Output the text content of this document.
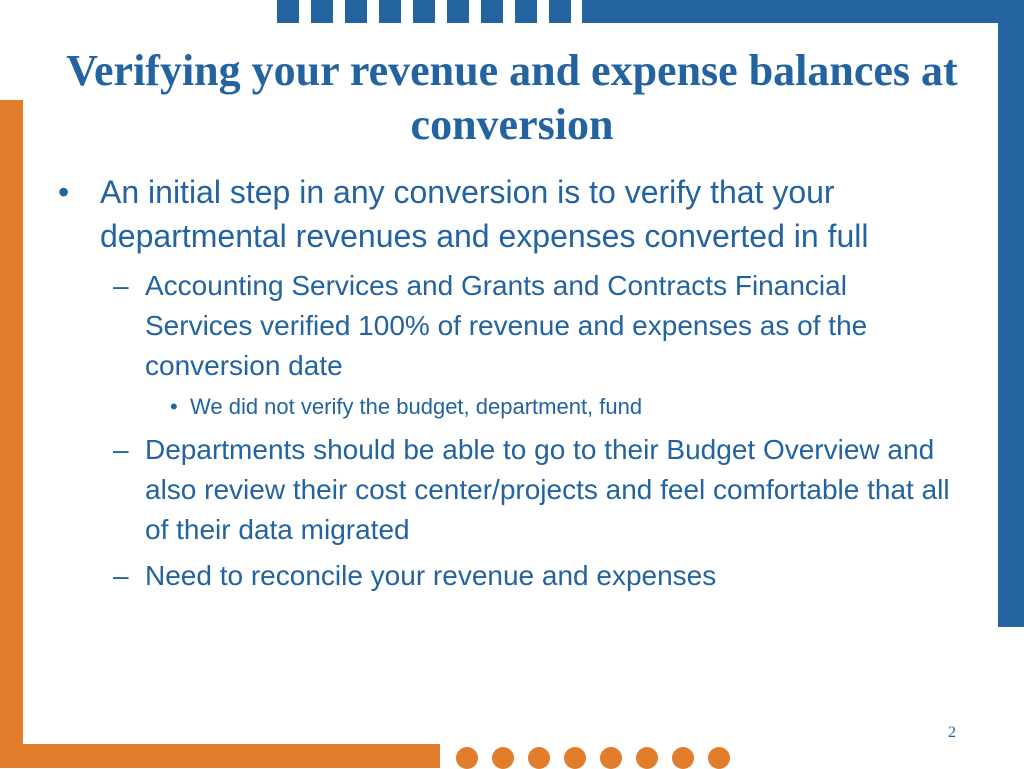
Verifying your revenue and expense balances at conversion
• An initial step in any conversion is to verify that your departmental revenues and expenses converted in full
– Accounting Services and Grants and Contracts Financial Services verified 100% of revenue and expenses as of the conversion date
• We did not verify the budget, department, fund
– Departments should be able to go to their Budget Overview and also review their cost center/projects and feel comfortable that all of their data migrated
– Need to reconcile your revenue and expenses
2
